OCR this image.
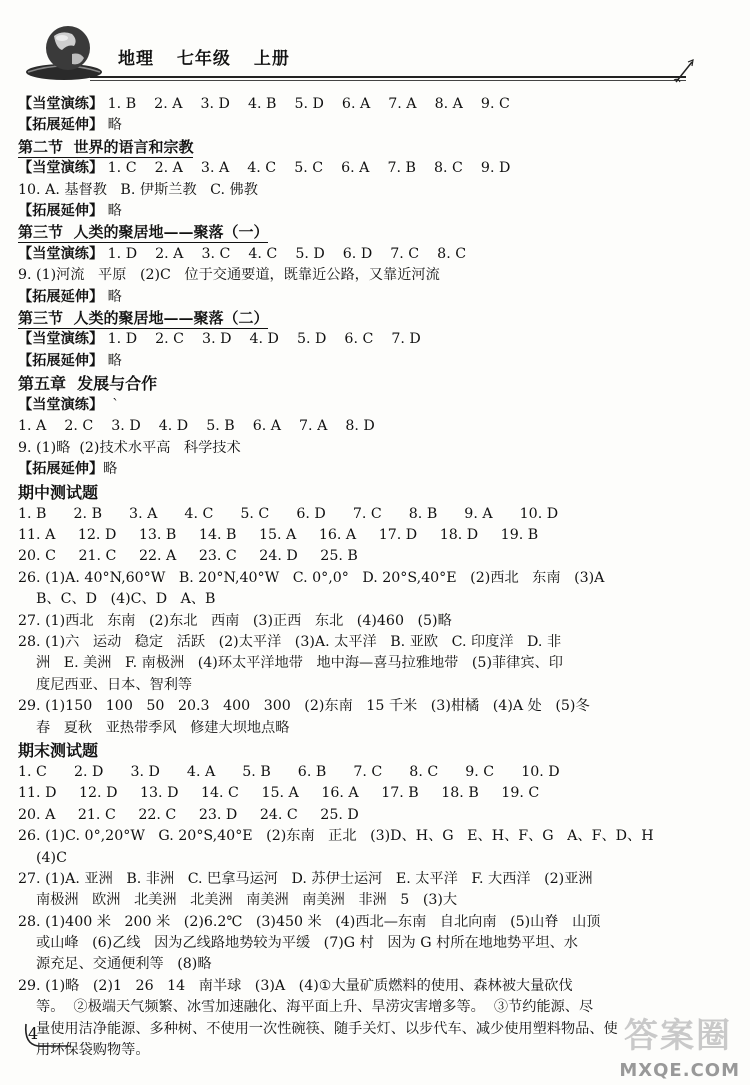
地理 七年级 上册
【当堂演练】 1. B    2. A    3. D    4. B    5. D    6. A    7. A    8. A    9. C
【拓展延伸】 略
第二节  世界的语言和宗教
【当堂演练】 1. C    2. A    3. A    4. C    5. C    6. A    7. B    8. C    9. D
10. A. 基督教   B. 伊斯兰教   C. 佛教
【拓展延伸】 略
第三节  人类的聚居地——聚落（一）
【当堂演练】 1. D    2. A    3. C    4. C    5. D    6. D    7. C    8. C
9. (1)河流   平原   (2)C   位于交通要道，既靠近公路，又靠近河流
【拓展延伸】 略
第三节  人类的聚居地——聚落（二）
【当堂演练】 1. D    2. C    3. D    4. D    5. D    6. C    7. D
【拓展延伸】 略
第五章  发展与合作
【当堂演练】  `
1. A    2. C    3. D    4. D    5. B    6. A    7. A    8. D
9. (1)略  (2)技术水平高   科学技术
【拓展延伸】略
期中测试题
1. B      2. B      3. A      4. C      5. C      6. D      7. C      8. B      9. A      10. D
11. A     12. D     13. B     14. B     15. A     16. A     17. D     18. D     19. B
20. C     21. C     22. A     23. C     24. D     25. B
26. (1)A. 40°N,60°W   B. 20°N,40°W   C. 0°,0°   D. 20°S,40°E   (2)西北   东南   (3)A
B、C、D   (4)C、D   A、B
27. (1)西北   东南   (2)东北   西南   (3)正西   东北   (4)460   (5)略
28. (1)六   运动   稳定   活跃   (2)太平洋   (3)A. 太平洋   B. 亚欧   C. 印度洋   D. 非
洲   E. 美洲   F. 南极洲   (4)环太平洋地带   地中海—喜马拉雅地带   (5)菲律宾、印
度尼西亚、日本、智利等
29. (1)150   100   50   20.3   400   300   (2)东南   15 千米   (3)柑橘   (4)A 处   (5)冬
春   夏秋   亚热带季风   修建大坝地点略
期末测试题
1. C      2. D      3. D      4. A      5. B      6. B      7. C      8. C      9. C      10. D
11. D     12. D     13. D     14. C     15. A     16. A     17. B     18. B     19. C
20. A     21. C     22. C     23. D     24. C     25. D
26. (1)C. 0°,20°W   G. 20°S,40°E   (2)东南   正北   (3)D、H、G   E、H、F、G   A、F、D、H
(4)C
27. (1)A. 亚洲   B. 非洲   C. 巴拿马运河   D. 苏伊士运河   E. 太平洋   F. 大西洋   (2)亚洲
南极洲   欧洲   北美洲   北美洲   南美洲   南美洲   非洲   5   (3)大
28. (1)400 米   200 米   (2)6.2℃   (3)450 米   (4)西北—东南   自北向南   (5)山脊   山顶
或山峰   (6)乙线   因为乙线路地势较为平缓   (7)G 村   因为 G 村所在地地势平坦、水
源充足、交通便利等   (8)略
29. (1)略   (2)1   26   14   南半球   (3)A   (4)①大量矿质燃料的使用、森林被大量砍伐
等。  ②极端天气频繁、冰雪加速融化、海平面上升、旱涝灾害增多等。  ③节约能源、尽
量使用洁净能源、多种树、不使用一次性碗筷、随手关灯、以步代车、减少使用塑料物品、使
用环保袋购物等。
4	答案圈
MXQE.COM
